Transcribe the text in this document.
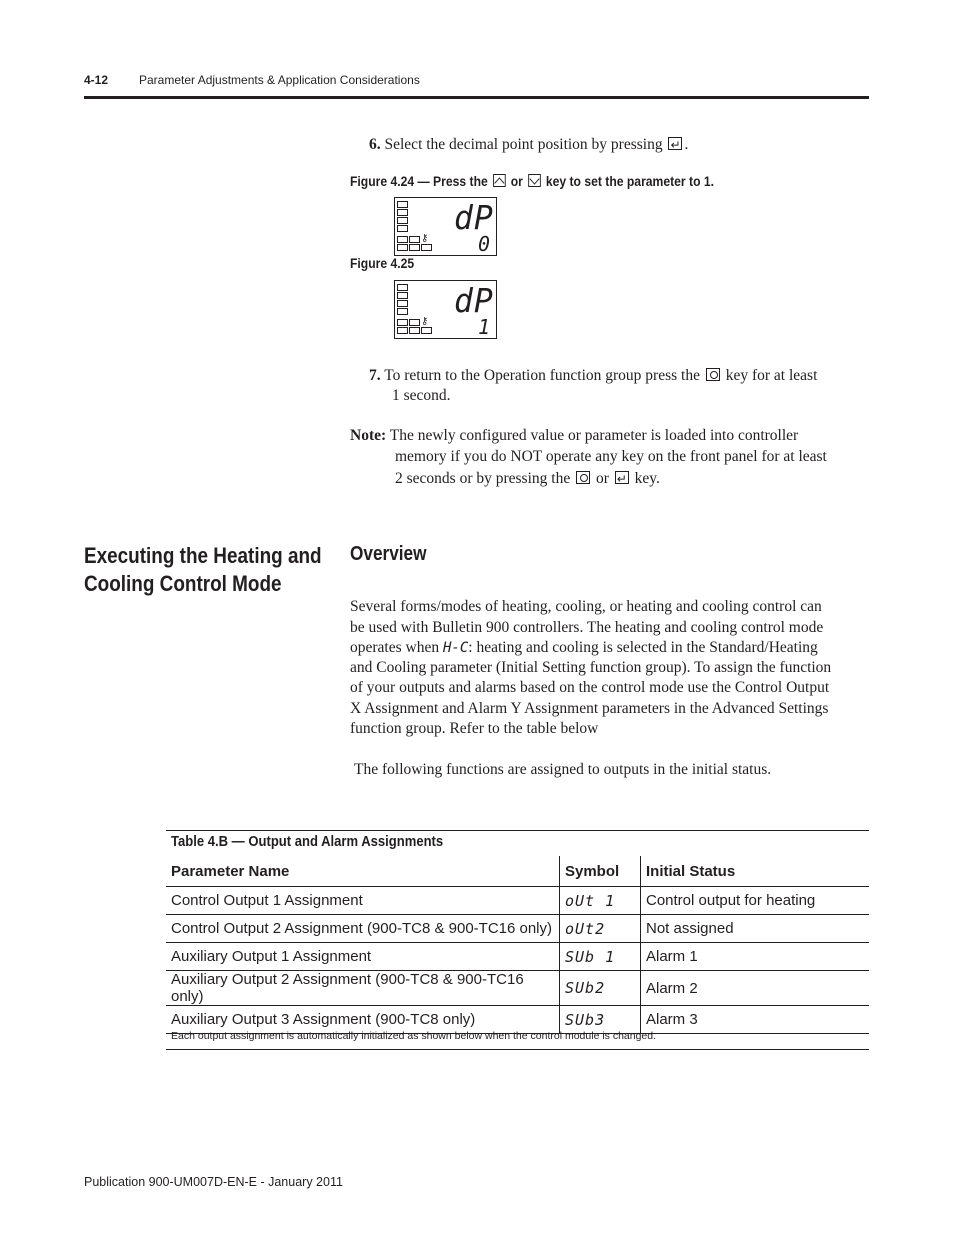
4-12	Parameter Adjustments & Application Considerations
6. Select the decimal point position by pressing ↵ .
Figure 4.24 — Press the or key to set the parameter to 1.
⚷
dP
0
Figure 4.25
⚷
dP
1
7. To return to the Operation function group press the key for at least
1 second.
Note: The newly configured value or parameter is loaded into controller
memory if you do NOT operate any key on the front panel for at least
2 seconds or by pressing the or ↵ key.
Executing the Heating and Cooling Control Mode
Overview
Several forms/modes of heating, cooling, or heating and cooling control can
be used with Bulletin 900 controllers. The heating and cooling control mode
operates when H-C: heating and cooling is selected in the Standard/Heating
and Cooling parameter (Initial Setting function group). To assign the function
of your outputs and alarms based on the control mode use the Control Output
X Assignment and Alarm Y Assignment parameters in the Advanced Settings
function group. Refer to the table below
The following functions are assigned to outputs in the initial status.
Table 4.B — Output and Alarm Assignments
Parameter Name	Symbol	Initial Status
Control Output 1 Assignment	oUt 1	Control output for heating
Control Output 2 Assignment (900-TC8 & 900-TC16 only)	oUt2	Not assigned
Auxiliary Output 1 Assignment	SUb 1	Alarm 1
Auxiliary Output 2 Assignment (900-TC8 & 900-TC16 only)	SUb2	Alarm 2
Auxiliary Output 3 Assignment (900-TC8 only)	SUb3	Alarm 3
Each output assignment is automatically initialized as shown below when the control module is changed.
Publication 900-UM007D-EN-E - January 2011
